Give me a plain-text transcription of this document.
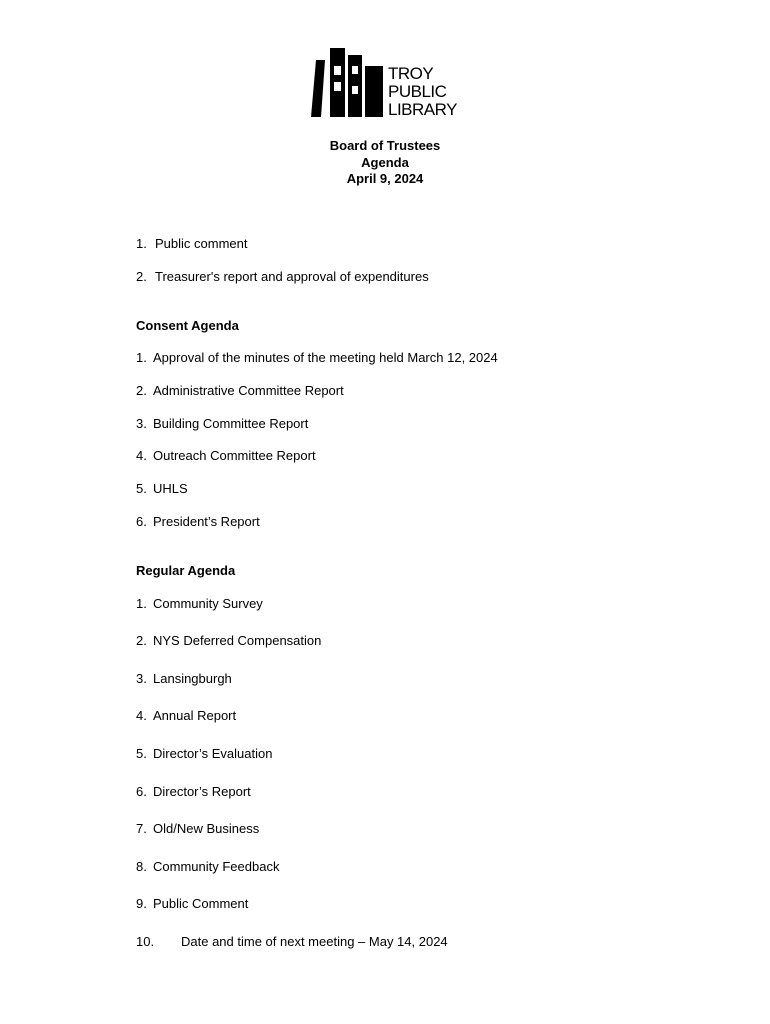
TROY
PUBLIC
LIBRARY
Board of Trustees
Agenda
April 9, 2024
1. Public comment
2. Treasurer's report and approval of expenditures
Consent Agenda
1. Approval of the minutes of the meeting held March 12, 2024
2. Administrative Committee Report
3. Building Committee Report
4. Outreach Committee Report
5. UHLS
6. President’s Report
Regular Agenda
1. Community Survey
2. NYS Deferred Compensation
3. Lansingburgh
4. Annual Report
5. Director’s Evaluation
6. Director’s Report
7. Old/New Business
8. Community Feedback
9. Public Comment
10. Date and time of next meeting – May 14, 2024
